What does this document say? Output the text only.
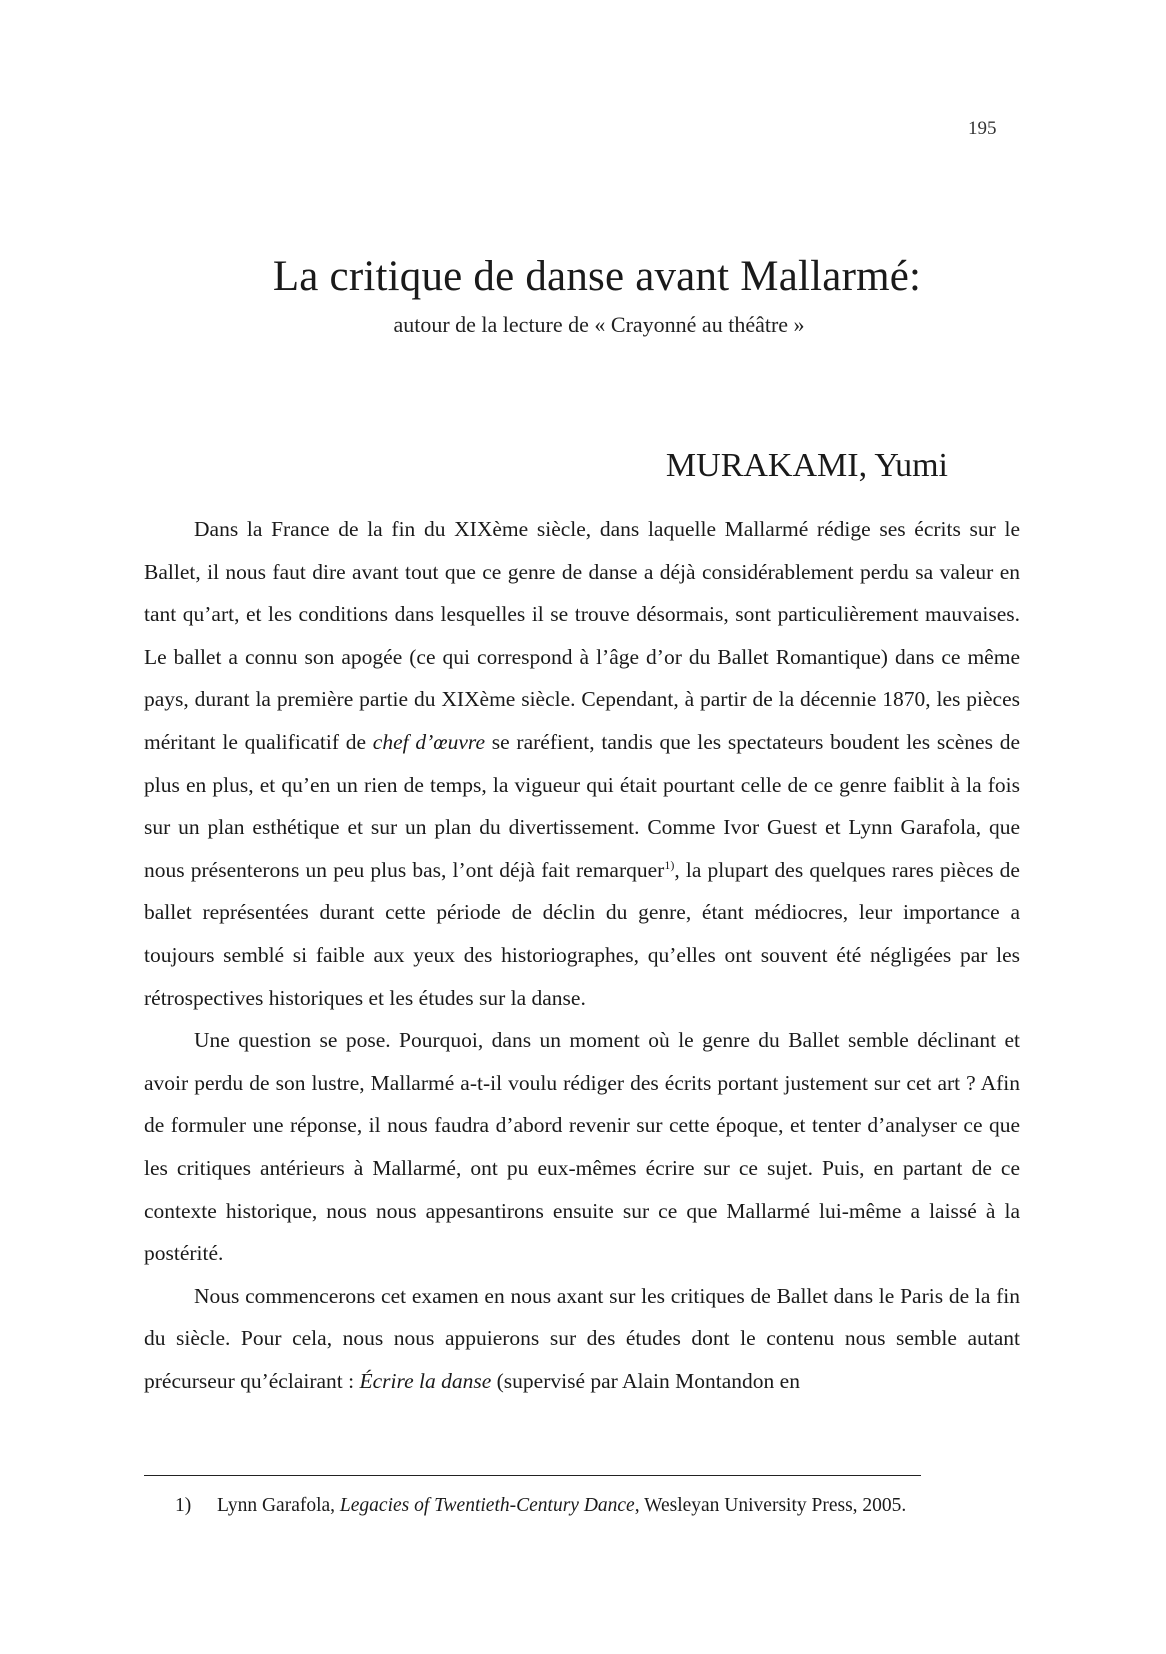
195
La critique de danse avant Mallarmé:
autour de la lecture de « Crayonné au théâtre »
MURAKAMI, Yumi

Dans la France de la fin du XIXème siècle, dans laquelle Mallarmé rédige ses écrits sur le Ballet, il nous faut dire avant tout que ce genre de danse a déjà considérablement perdu sa valeur en tant qu’art, et les conditions dans lesquelles il se trouve désormais, sont particulièrement mauvaises. Le ballet a connu son apogée (ce qui correspond à l’âge d’or du Ballet Romantique) dans ce même pays, durant la première partie du XIXème siècle. Cependant, à partir de la décennie 1870, les pièces méritant le qualificatif de chef d’œuvre se raréfient, tandis que les spectateurs boudent les scènes de plus en plus, et qu’en un rien de temps, la vigueur qui était pourtant celle de ce genre faiblit à la fois sur un plan esthétique et sur un plan du divertissement. Comme Ivor Guest et Lynn Garafola, que nous présenterons un peu plus bas, l’ont déjà fait remarquer$^{1)}$, la plupart des quelques rares pièces de ballet représentées durant cette période de déclin du genre, étant médiocres, leur importance a toujours semblé si faible aux yeux des historiographes, qu’elles ont souvent été négligées par les rétrospectives historiques et les études sur la danse.

Une question se pose. Pourquoi, dans un moment où le genre du Ballet semble déclinant et avoir perdu de son lustre, Mallarmé a-t-il voulu rédiger des écrits portant justement sur cet art ? Afin de formuler une réponse, il nous faudra d’abord revenir sur cette époque, et tenter d’analyser ce que les critiques antérieurs à Mallarmé, ont pu eux-mêmes écrire sur ce sujet. Puis, en partant de ce contexte historique, nous nous appesantirons ensuite sur ce que Mallarmé lui-même a laissé à la postérité.

Nous commencerons cet examen en nous axant sur les critiques de Ballet dans le Paris de la fin du siècle. Pour cela, nous nous appuierons sur des études dont le contenu nous semble autant précurseur qu’éclairant : Écrire la danse (supervisé par Alain Montandon en

1) Lynn Garafola, Legacies of Twentieth-Century Dance, Wesleyan University Press, 2005.
